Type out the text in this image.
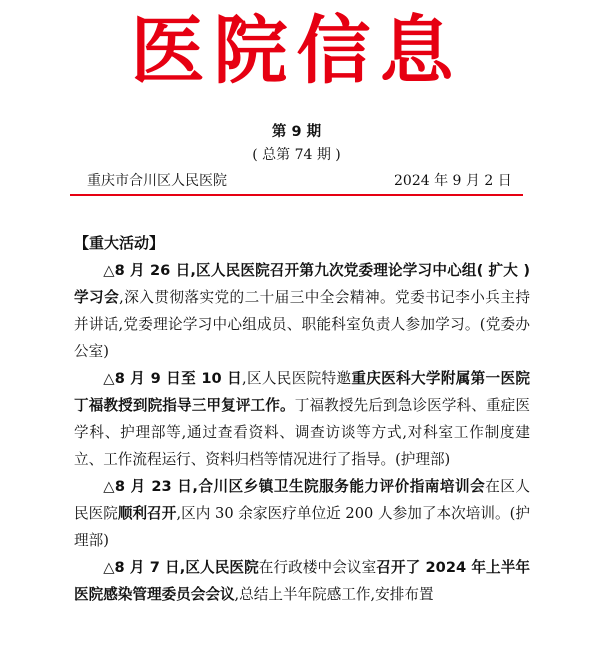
医院信息
第 9 期
( 总第 74 期 )
重庆市合川区人民医院	2024 年 9 月 2 日

【重大活动】

△8 月 26 日,区人民医院召开第九次党委理论学习中心组( 扩大 ) 学习会,深入贯彻落实党的二十届三中全会精神。党委书记李小兵主持并讲话,党委理论学习中心组成员、职能科室负责人参加学习。(党委办公室)

△8 月 9 日至 10 日,区人民医院特邀重庆医科大学附属第一医院丁福教授到院指导三甲复评工作。丁福教授先后到急诊医学科、重症医学科、护理部等,通过查看资料、调查访谈等方式,对科室工作制度建立、工作流程运行、资料归档等情况进行了指导。(护理部)

△8 月 23 日,合川区乡镇卫生院服务能力评价指南培训会在区人民医院顺利召开,区内 30 余家医疗单位近 200 人参加了本次培训。(护理部)

△8 月 7 日,区人民医院在行政楼中会议室召开了 2024 年上半年医院感染管理委员会会议,总结上半年院感工作,安排布置
